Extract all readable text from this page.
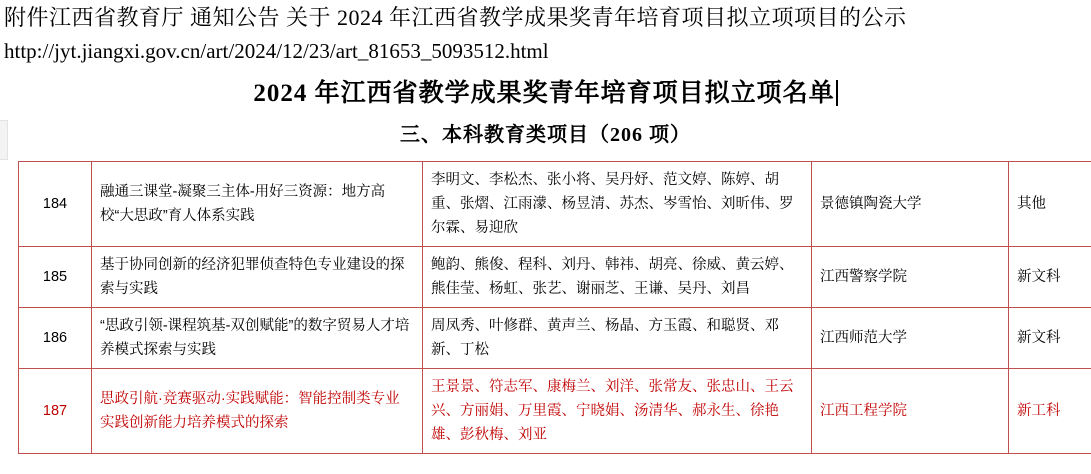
附件江西省教育厅 通知公告 关于 2024 年江西省教学成果奖青年培育项目拟立项项目的公示
http://jyt.jiangxi.gov.cn/art/2024/12/23/art_81653_5093512.html
2024 年江西省教学成果奖青年培育项目拟立项名单
三、本科教育类项目（206 项）
184	融通三课堂-凝聚三主体-用好三资源：地方高校“大思政”育人体系实践	李明文、李松杰、张小将、吴丹妤、范文婷、陈婷、胡重、张熠、江雨濛、杨昱清、苏杰、岑雪怡、刘昕伟、罗尔霖、易迎欣	景德镇陶瓷大学	其他
185	基于协同创新的经济犯罪侦查特色专业建设的探索与实践	鲍韵、熊俊、程科、刘丹、韩祎、胡亮、徐威、黄云婷、熊佳莹、杨虹、张艺、谢丽芝、王谦、吴丹、刘昌	江西警察学院	新文科
186	“思政引领-课程筑基-双创赋能”的数字贸易人才培养模式探索与实践	周凤秀、叶修群、黄声兰、杨晶、方玉霞、和聪贤、邓新、丁松	江西师范大学	新文科
187	思政引航·竞赛驱动·实践赋能：智能控制类专业实践创新能力培养模式的探索	王景景、符志军、康梅兰、刘洋、张常友、张忠山、王云兴、方丽娟、万里霞、宁晓娟、汤清华、郝永生、徐艳雄、彭秋梅、刘亚	江西工程学院	新工科
